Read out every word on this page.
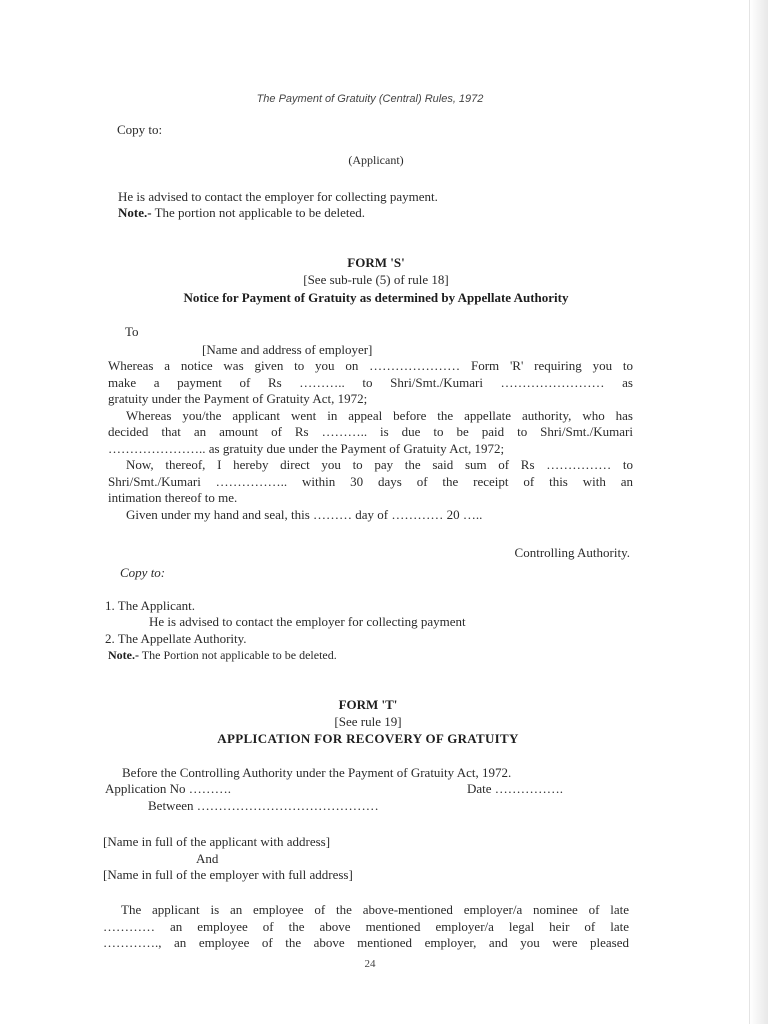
The Payment of Gratuity (Central) Rules, 1972
Copy to:
(Applicant)
He is advised to contact the employer for collecting payment.
Note.- The portion not applicable to be deleted.
FORM 'S'
[See sub-rule (5) of rule 18]
Notice for Payment of Gratuity as determined by Appellate Authority
To
[Name and address of employer]

Whereas a notice was given to you on ………………… Form 'R' requiring you to

make a payment of Rs ……….. to Shri/Smt./Kumari …………………… as

gratuity under the Payment of Gratuity Act, 1972;

Whereas you/the applicant went in appeal before the appellate authority, who has

decided that an amount of Rs ……….. is due to be paid to Shri/Smt./Kumari

………………….. as gratuity due under the Payment of Gratuity Act, 1972;

Now, thereof, I hereby direct you to pay the said sum of Rs …………… to

Shri/Smt./Kumari …………….. within 30 days of the receipt of this with an

intimation thereof to me.

Given under my hand and seal, this ……… day of ………… 20 …..

Controlling Authority.
Copy to:
1. The Applicant.
He is advised to contact the employer for collecting payment
2. The Appellate Authority.
Note.- The Portion not applicable to be deleted.
FORM 'T'
[See rule 19]
APPLICATION FOR RECOVERY OF GRATUITY
Before the Controlling Authority under the Payment of Gratuity Act, 1972.
Application No ……….	Date …………….
Between ……………………………………
[Name in full of the applicant with address]
And
[Name in full of the employer with full address]

The applicant is an employee of the above-mentioned employer/a nominee of late

………… an employee of the above mentioned employer/a legal heir of late

…………., an employee of the above mentioned employer, and you were pleased

24
